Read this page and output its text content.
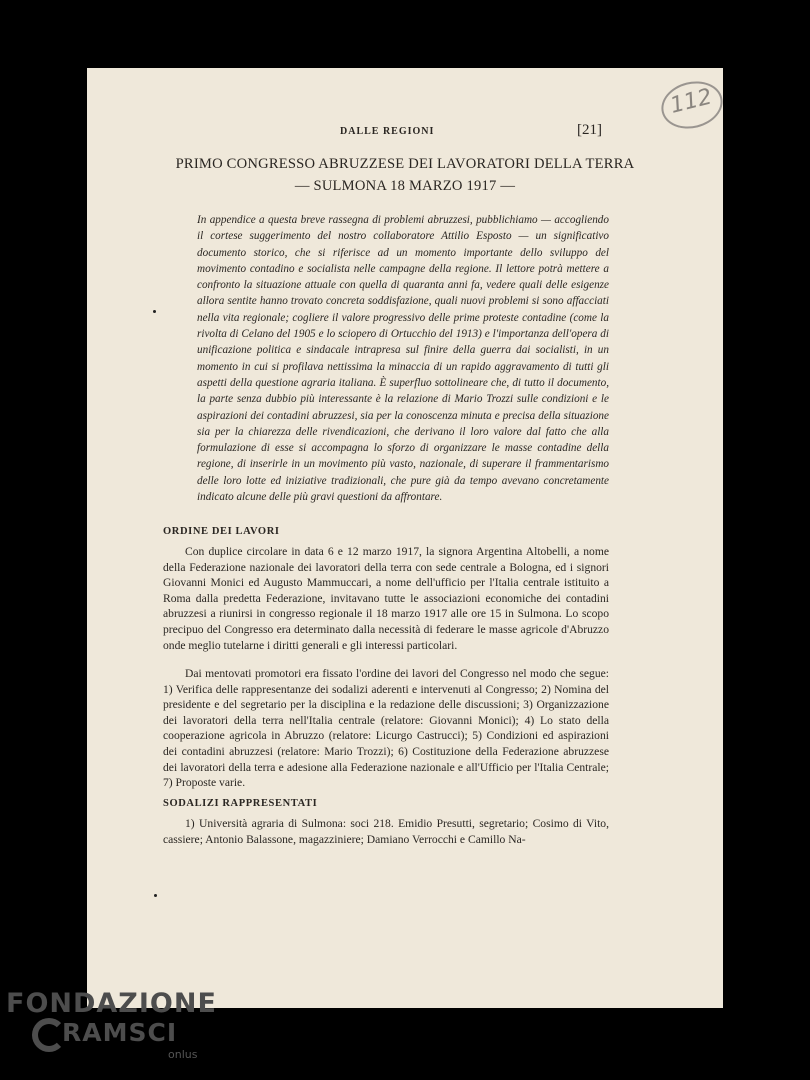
112
DALLE REGIONI	[21]
PRIMO CONGRESSO ABRUZZESE DEI LAVORATORI DELLA TERRA
— SULMONA 18 MARZO 1917 —
In appendice a questa breve rassegna di problemi abruzzesi, pubblichiamo — accogliendo il cortese suggerimento del nostro collaboratore Attilio Esposto — un significativo documento storico, che si riferisce ad un momento importante dello sviluppo del movimento contadino e socialista nelle campagne della regione. Il lettore potrà mettere a confronto la situazione attuale con quella di quaranta anni fa, vedere quali delle esigenze allora sentite hanno trovato concreta soddisfazione, quali nuovi problemi si sono affacciati nella vita regionale; cogliere il valore progressivo delle prime proteste contadine (come la rivolta di Celano del 1905 e lo sciopero di Ortucchio del 1913) e l'importanza dell'opera di unificazione politica e sindacale intrapresa sul finire della guerra dai socialisti, in un momento in cui si profilava nettissima la minaccia di un rapido aggravamento di tutti gli aspetti della questione agraria italiana. È superfluo sottolineare che, di tutto il documento, la parte senza dubbio più interessante è la relazione di Mario Trozzi sulle condizioni e le aspirazioni dei contadini abruzzesi, sia per la conoscenza minuta e precisa della situazione sia per la chiarezza delle rivendicazioni, che derivano il loro valore dal fatto che alla formulazione di esse si accompagna lo sforzo di organizzare le masse contadine della regione, di inserirle in un movimento più vasto, nazionale, di superare il frammentarismo delle loro lotte ed iniziative tradizionali, che pure già da tempo avevano concretamente indicato alcune delle più gravi questioni da affrontare.
ORDINE DEI LAVORI
Con duplice circolare in data 6 e 12 marzo 1917, la signora Argentina Altobelli, a nome della Federazione nazionale dei lavoratori della terra con sede centrale a Bologna, ed i signori Giovanni Monici ed Augusto Mammuccari, a nome dell'ufficio per l'Italia centrale istituito a Roma dalla predetta Federazione, invitavano tutte le associazioni economiche dei contadini abruzzesi a riunirsi in congresso regionale il 18 marzo 1917 alle ore 15 in Sulmona. Lo scopo precipuo del Congresso era determinato dalla necessità di federare le masse agricole d'Abruzzo onde meglio tutelarne i diritti generali e gli interessi particolari.
Dai mentovati promotori era fissato l'ordine dei lavori del Congresso nel modo che segue: 1) Verifica delle rappresentanze dei sodalizi aderenti e intervenuti al Congresso; 2) Nomina del presidente e del segretario per la disciplina e la redazione delle discussioni; 3) Organizzazione dei lavoratori della terra nell'Italia centrale (relatore: Giovanni Monici); 4) Lo stato della cooperazione agricola in Abruzzo (relatore: Licurgo Castrucci); 5) Condizioni ed aspirazioni dei contadini abruzzesi (relatore: Mario Trozzi); 6) Costituzione della Federazione abruzzese dei lavoratori della terra e adesione alla Federazione nazionale e all'Ufficio per l'Italia Centrale; 7) Proposte varie.
SODALIZI RAPPRESENTATI
1) Università agraria di Sulmona: soci 218. Emidio Presutti, segretario; Cosimo di Vito, cassiere; Antonio Balassone, magazziniere; Damiano Verrocchi e Camillo Na-
FONDAZIONE
RAMSCI
onlus
